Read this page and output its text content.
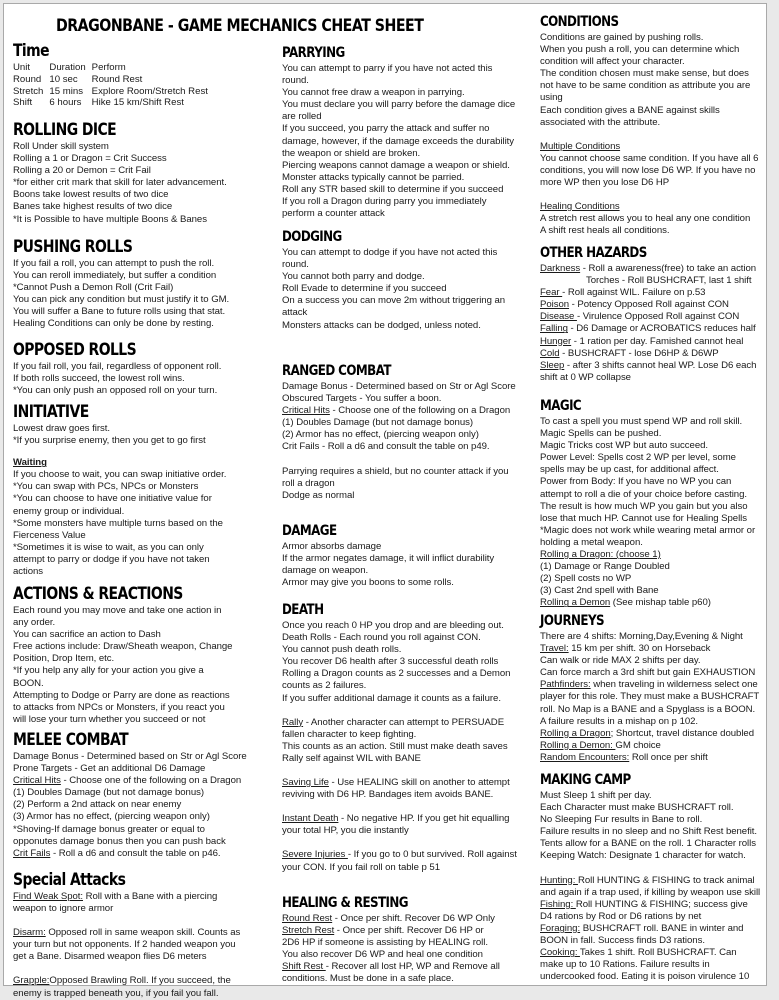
DRAGONBANE - GAME MECHANICS CHEAT SHEET
Time
Unit	Duration	Perform
Round	10 sec	Round Rest
Stretch	15 mins	Explore Room/Stretch Rest
Shift	6 hours	Hike 15 km/Shift Rest
ROLLING DICE
Roll Under skill system
Rolling a 1 or Dragon = Crit Success
Rolling a 20 or Demon = Crit Fail
*for either crit mark that skill for later advancement.
Boons take lowest results of two dice
Banes take highest results of two dice
*It is Possible to have multiple Boons & Banes
PUSHING ROLLS
If you fail a roll, you can attempt to push the roll.
You can reroll immediately, but suffer a condition
*Cannot Push a Demon Roll (Crit Fail)
You can pick any condition but must justify it to GM.
You will suffer a Bane to future rolls using that stat.
Healing Conditions can only be done by resting.
OPPOSED ROLLS
If you fail roll, you fail, regardless of opponent roll.
If both rolls succeed, the lowest roll wins.
*You can only push an opposed roll on your turn.
INITIATIVE
Lowest draw goes first.
*If you surprise enemy, then you get to go first
Waiting
If you choose to wait, you can swap initiative order.
*You can swap with PCs, NPCs or Monsters
*You can choose to have one initiative value for
enemy group or individual.
*Some monsters have multiple turns based on the
Fierceness Value
*Sometimes it is wise to wait, as you can only
attempt to parry or dodge if you have not taken
actions
ACTIONS & REACTIONS
Each round you may move and take one action in
any order.
You can sacrifice an action to Dash
Free actions include: Draw/Sheath weapon, Change
Position, Drop Item, etc.
*If you help any ally for your action you give a
BOON.
Attempting to Dodge or Parry are done as reactions
to attacks from NPCs or Monsters, if you react you
will lose your turn whether you succeed or not
MELEE COMBAT
Damage Bonus - Determined based on Str or Agl Score
Prone Targets - Get an additional D6 Damage
Critical Hits - Choose one of the following on a Dragon
(1) Doubles Damage (but not damage bonus)
(2) Perform a 2nd attack on near enemy
(3) Armor has no effect, (piercing weapon only)
*Shoving-If damage bonus greater or equal to
opponutes damage bonus then you can push back
Crit Fails - Roll a d6 and consult the table on p46.
Special Attacks
Find Weak Spot: Roll with a Bane with a piercing
weapon to ignore armor
Disarm: Opposed roll in same weapon skill. Counts as
your turn but not opponents. If 2 handed weapon you
get a Bane. Disarmed weapon flies D6 meters
Grapple:Opposed Brawling Roll. If you succeed, the
enemy is trapped beneath you, if you fail you fall.
PARRYING
You can attempt to parry if you have not acted this
round.
You cannot free draw a weapon in parrying.
You must declare you will parry before the damage dice
are rolled
If you succeed, you parry the attack and suffer no
damage, however, if the damage exceeds the durability
the weapon or shield are broken.
Piercing weapons cannot damage a weapon or shield.
Monster attacks typically cannot be parried.
Roll any STR based skill to determine if you succeed
If you roll a Dragon during parry you immediately
perform a counter attack
DODGING
You can attempt to dodge if you have not acted this
round.
You cannot both parry and dodge.
Roll Evade to determine if you succeed
On a success you can move 2m without triggering an
attack
Monsters attacks can be dodged, unless noted.
RANGED COMBAT
Damage Bonus - Determined based on Str or Agl Score
Obscured Targets - You suffer a boon.
Critical Hits - Choose one of the following on a Dragon
(1) Doubles Damage (but not damage bonus)
(2) Armor has no effect, (piercing weapon only)
Crit Fails - Roll a d6 and consult the table on p49.
Parrying requires a shield, but no counter attack if you
roll a dragon
Dodge as normal
DAMAGE
Armor absorbs damage
If the armor negates damage, it will inflict durability
damage on weapon.
Armor may give you boons to some rolls.
DEATH
Once you reach 0 HP you drop and are bleeding out.
Death Rolls - Each round you roll against CON.
You cannot push death rolls.
You recover D6 health after 3 successful death rolls
Rolling a Dragon counts as 2 successes and a Demon
counts as 2 failures.
If you suffer additional damage it counts as a failure.
Rally - Another character can attempt to PERSUADE
fallen character to keep fighting.
This counts as an action. Still must make death saves
Rally self against WIL with BANE
Saving Life - Use HEALING skill on another to attempt
reviving with D6 HP. Bandages item avoids BANE.
Instant Death - No negative HP. If you get hit equalling
your total HP, you die instantly
Severe Injuries - If you go to 0 but survived. Roll against
your CON. If you fail roll on table p 51
HEALING & RESTING
Round Rest - Once per shift. Recover D6 WP Only
Stretch Rest - Once per shift. Recover D6 HP or
2D6 HP if someone is assisting by HEALING roll.
You also recover D6 WP and heal one condition
Shift Rest - Recover all lost HP, WP and Remove all
conditions. Must be done in a safe place.
CONDITIONS
Conditions are gained by pushing rolls.
When you push a roll, you can determine which
condition will affect your character.
The condition chosen must make sense, but does
not have to be same condition as attribute you are
using
Each condition gives a BANE against skills
associated with the attribute.
Multiple Conditions
You cannot choose same condition. If you have all 6
conditions, you will now lose D6 WP. If you have no
more WP then you lose D6 HP
Healing Conditions
A stretch rest allows you to heal any one condition
A shift rest heals all conditions.
OTHER HAZARDS
Darkness - Roll a awareness(free) to take an action
Torches - Roll BUSHCRAFT, last 1 shift
Fear - Roll against WIL. Failure on p.53
Poison - Potency Opposed Roll against CON
Disease - Virulence Opposed Roll against CON
Falling - D6 Damage or ACROBATICS reduces half
Hunger - 1 ration per day. Famished cannot heal
Cold - BUSHCRAFT - lose D6HP & D6WP
Sleep - after 3 shifts cannot heal WP. Lose D6 each
shift at 0 WP collapse
MAGIC
To cast a spell you must spend WP and roll skill.
Magic Spells can be pushed.
Magic Tricks cost WP but auto succeed.
Power Level: Spells cost 2 WP per level, some
spells may be up cast, for additional affect.
Power from Body: If you have no WP you can
attempt to roll a die of your choice before casting.
The result is how much WP you gain but you also
lose that much HP. Cannot use for Healing Spells
*Magic does not work while wearing metal armor or
holding a metal weapon.
Rolling a Dragon: (choose 1)
(1) Damage or Range Doubled
(2) Spell costs no WP
(3) Cast 2nd spell with Bane
Rolling a Demon (See mishap table p60)
JOURNEYS
There are 4 shifts: Morning,Day,Evening & Night
Travel: 15 km per shift. 30 on Horseback
Can walk or ride MAX 2 shifts per day.
Can force march a 3rd shift but gain EXHAUSTION
Pathfinders: when traveling in wilderness select one
player for this role. They must make a BUSHCRAFT
roll. No Map is a BANE and a Spyglass is a BOON.
A failure results in a mishap on p 102.
Rolling a Dragon; Shortcut, travel distance doubled
Rolling a Demon: GM choice
Random Encounters: Roll once per shift
MAKING CAMP
Must Sleep 1 shift per day.
Each Character must make BUSHCRAFT roll.
No Sleeping Fur results in Bane to roll.
Failure results in no sleep and no Shift Rest benefit.
Tents allow for a BANE on the roll. 1 Character rolls
Keeping Watch: Designate 1 character for watch.
Hunting: Roll HUNTING & FISHING to track animal
and again if a trap used, if killing by weapon use skill
Fishing: Roll HUNTING & FISHING; success give
D4 rations by Rod or D6 rations by net
Foraging: BUSHCRAFT roll. BANE in winter and
BOON in fall. Success finds D3 rations.
Cooking: Takes 1 shift. Roll BUSHCRAFT. Can
make up to 10 Rations. Failure results in
undercooked food. Eating it is poison virulence 10
